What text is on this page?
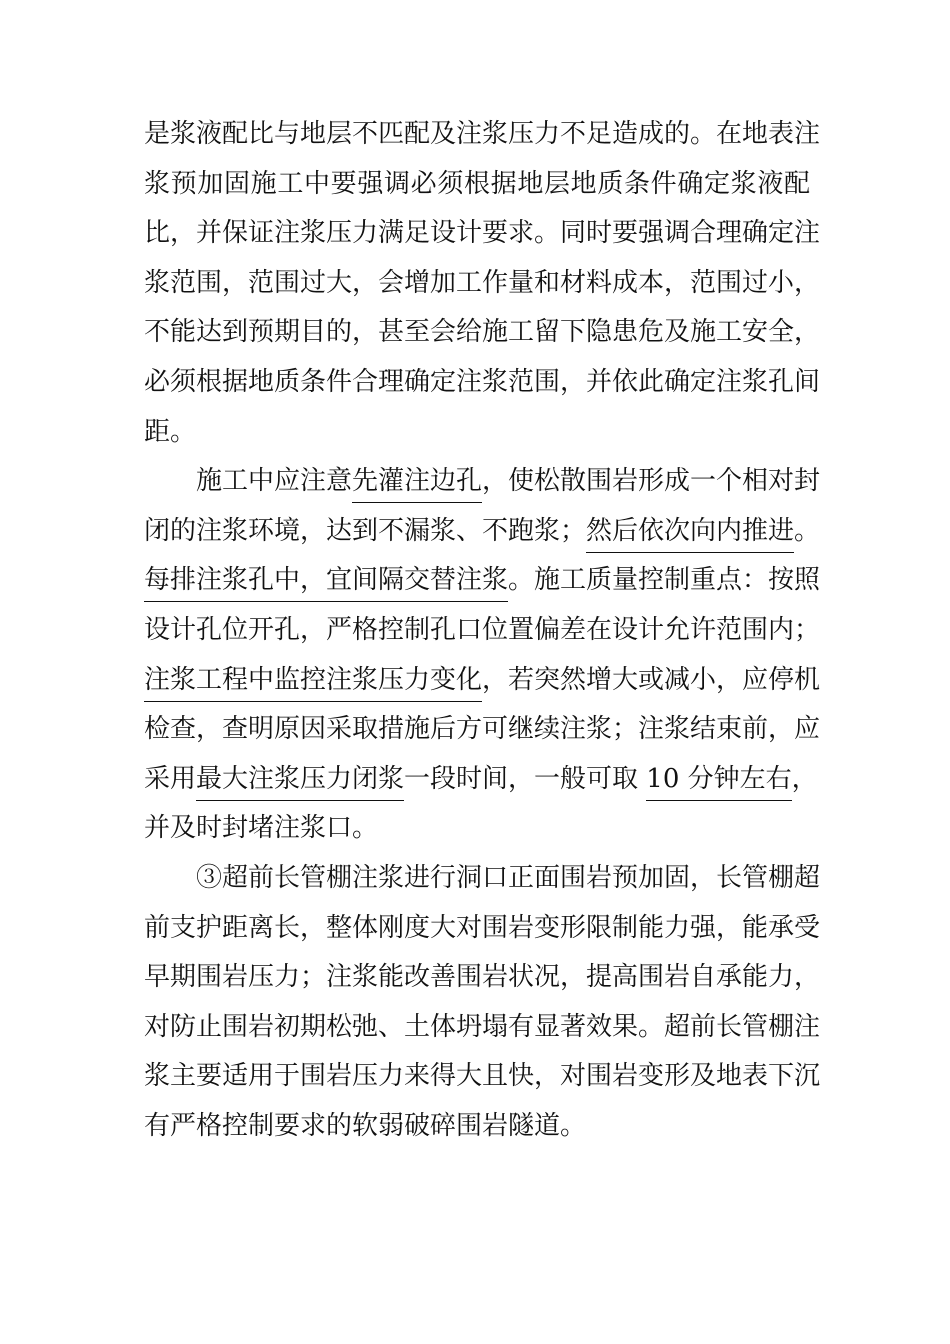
是浆液配比与地层不匹配及注浆压力不足造成的。在地表注
浆预加固施工中要强调必须根据地层地质条件确定浆液配
比，并保证注浆压力满足设计要求。同时要强调合理确定注
浆范围，范围过大，会增加工作量和材料成本，范围过小，
不能达到预期目的，甚至会给施工留下隐患危及施工安全，
必须根据地质条件合理确定注浆范围，并依此确定注浆孔间
距。
施工中应注意先灌注边孔，使松散围岩形成一个相对封
闭的注浆环境，达到不漏浆、不跑浆；然后依次向内推进。
每排注浆孔中，宜间隔交替注浆。施工质量控制重点：按照
设计孔位开孔，严格控制孔口位置偏差在设计允许范围内；
注浆工程中监控注浆压力变化，若突然增大或减小，应停机
检查，查明原因采取措施后方可继续注浆；注浆结束前，应
采用最大注浆压力闭浆一段时间，一般可取 10 分钟左右，
并及时封堵注浆口。
③超前长管棚注浆进行洞口正面围岩预加固，长管棚超
前支护距离长，整体刚度大对围岩变形限制能力强，能承受
早期围岩压力；注浆能改善围岩状况，提高围岩自承能力，
对防止围岩初期松弛、土体坍塌有显著效果。超前长管棚注
浆主要适用于围岩压力来得大且快，对围岩变形及地表下沉
有严格控制要求的软弱破碎围岩隧道。
